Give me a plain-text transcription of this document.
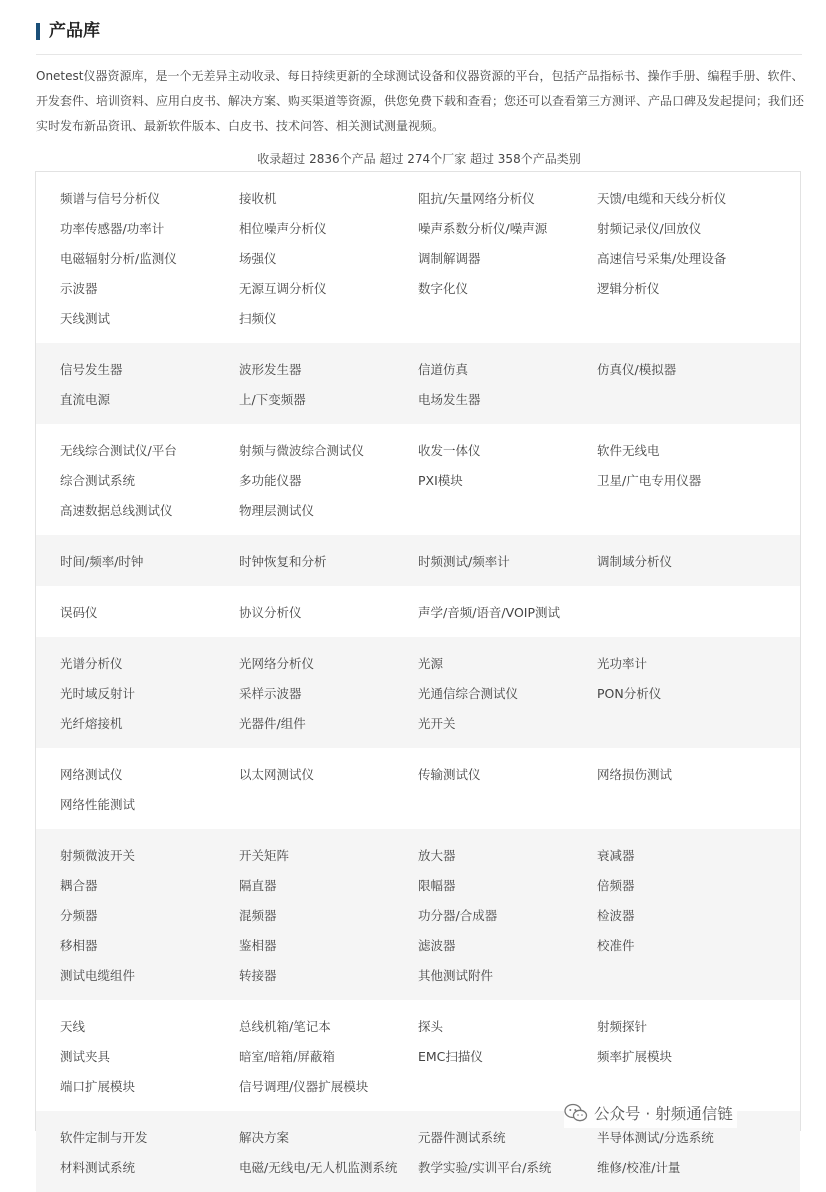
产品库
Onetest仪器资源库，是一个无差异主动收录、每日持续更新的全球测试设备和仪器资源的平台，包括产品指标书、操作手册、编程手册、软件、开发套件、培训资料、应用白皮书、解决方案、购买渠道等资源，供您免费下载和查看；您还可以查看第三方测评、产品口碑及发起提问；我们还实时发布新品资讯、最新软件版本、白皮书、技术问答、相关测试测量视频。
收录超过 2836个产品 超过 274个厂家 超过 358个产品类别
频谱与信号分析仪	接收机	阻抗/矢量网络分析仪	天馈/电缆和天线分析仪
功率传感器/功率计	相位噪声分析仪	噪声系数分析仪/噪声源	射频记录仪/回放仪
电磁辐射分析/监测仪	场强仪	调制解调器	高速信号采集/处理设备
示波器	无源互调分析仪	数字化仪	逻辑分析仪
天线测试	扫频仪
信号发生器	波形发生器	信道仿真	仿真仪/模拟器
直流电源	上/下变频器	电场发生器
无线综合测试仪/平台	射频与微波综合测试仪	收发一体仪	软件无线电
综合测试系统	多功能仪器	PXI模块	卫星/广电专用仪器
高速数据总线测试仪	物理层测试仪
时间/频率/时钟	时钟恢复和分析	时频测试/频率计	调制域分析仪
误码仪	协议分析仪	声学/音频/语音/VOIP测试
光谱分析仪	光网络分析仪	光源	光功率计
光时域反射计	采样示波器	光通信综合测试仪	PON分析仪
光纤熔接机	光器件/组件	光开关
网络测试仪	以太网测试仪	传输测试仪	网络损伤测试
网络性能测试
射频微波开关	开关矩阵	放大器	衰减器
耦合器	隔直器	限幅器	倍频器
分频器	混频器	功分器/合成器	检波器
移相器	鉴相器	滤波器	校准件
测试电缆组件	转接器	其他测试附件
天线	总线机箱/笔记本	探头	射频探针
测试夹具	暗室/暗箱/屏蔽箱	EMC扫描仪	频率扩展模块
端口扩展模块	信号调理/仪器扩展模块
软件定制与开发	解决方案	元器件测试系统	半导体测试/分选系统
材料测试系统	电磁/无线电/无人机监测系统	教学实验/实训平台/系统	维修/校准/计量
公众号 · 射频通信链
